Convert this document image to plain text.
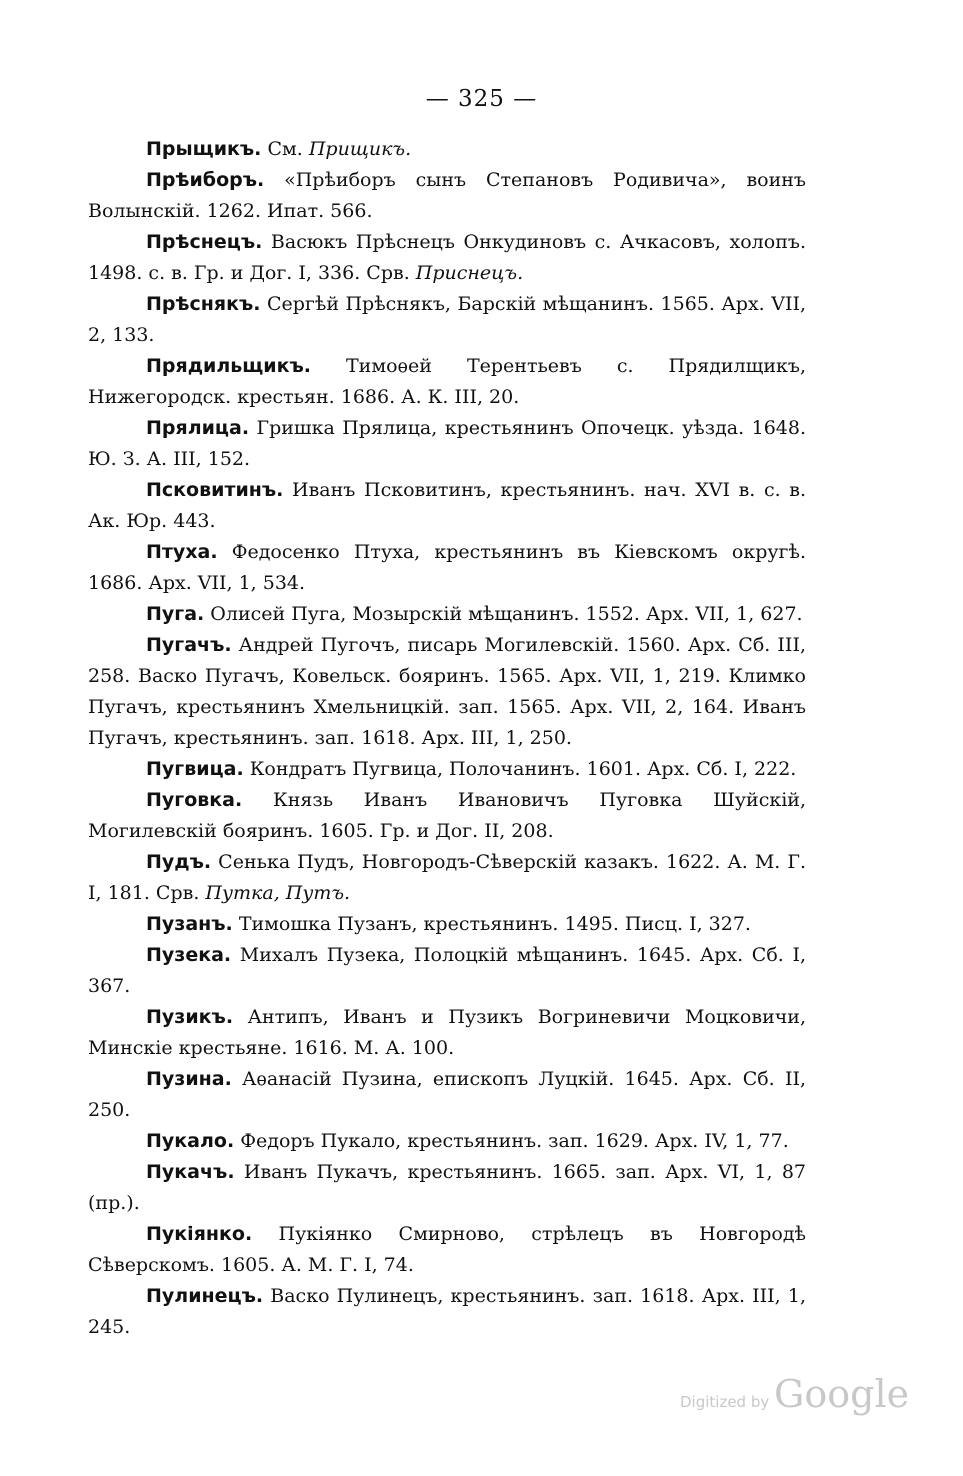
— 325 —

Прыщикъ. См. Прищикъ.

Прѣиборъ. «Прѣиборъ сынъ Степановъ Родивича», воинъ Волынскій. 1262. Ипат. 566.

Прѣснецъ. Васюкъ Прѣснецъ Онкудиновъ с. Ачкасовъ, холопъ. 1498. с. в. Гр. и Дог. I, 336. Срв. Приснецъ.

Прѣснякъ. Сергѣй Прѣснякъ, Барскій мѣщанинъ. 1565. Арх. VII, 2, 133.

Прядильщикъ. Тимоѳей Терентьевъ с. Прядилщикъ, Нижегородск. крестьян. 1686. А. К. III, 20.

Прялица. Гришка Прялица, крестьянинъ Опочецк. уѣзда. 1648. Ю. З. А. III, 152.

Псковитинъ. Иванъ Псковитинъ, крестьянинъ. нач. XVI в. с. в. Ак. Юр. 443.

Птуха. Федосенко Птуха, крестьянинъ въ Кіевскомъ округѣ. 1686. Арх. VII, 1, 534.

Пуга. Олисей Пуга, Мозырскій мѣщанинъ. 1552. Арх. VII, 1, 627.

Пугачъ. Андрей Пугочъ, писарь Могилевскій. 1560. Арх. Сб. III, 258. Васко Пугачъ, Ковельск. бояринъ. 1565. Арх. VII, 1, 219. Климко Пугачъ, крестьянинъ Хмельницкій. зап. 1565. Арх. VII, 2, 164. Иванъ Пугачъ, крестьянинъ. зап. 1618. Арх. III, 1, 250.

Пугвица. Кондратъ Пугвица, Полочанинъ. 1601. Арх. Сб. I, 222.

Пуговка. Князь Иванъ Ивановичъ Пуговка Шуйскій, Могилевскій бояринъ. 1605. Гр. и Дог. II, 208.

Пудъ. Сенька Пудъ, Новгородъ-Сѣверскій казакъ. 1622. А. М. Г. I, 181. Срв. Путка, Путъ.

Пузанъ. Тимошка Пузанъ, крестьянинъ. 1495. Писц. I, 327.

Пузека. Михалъ Пузека, Полоцкій мѣщанинъ. 1645. Арх. Сб. I, 367.

Пузикъ. Антипъ, Иванъ и Пузикъ Вогриневичи Моцковичи, Минскіе крестьяне. 1616. М. А. 100.

Пузина. Аѳанасій Пузина, епископъ Луцкій. 1645. Арх. Сб. II, 250.

Пукало. Федоръ Пукало, крестьянинъ. зап. 1629. Арх. IV, 1, 77.

Пукачъ. Иванъ Пукачъ, крестьянинъ. 1665. зап. Арх. VI, 1, 87 (пр.).

Пукіянко. Пукіянко Смирново, стрѣлецъ въ Новгородѣ Сѣверскомъ. 1605. А. М. Г. I, 74.

Пулинецъ. Васко Пулинецъ, крестьянинъ. зап. 1618. Арх. III, 1, 245.

Digitized by Google
